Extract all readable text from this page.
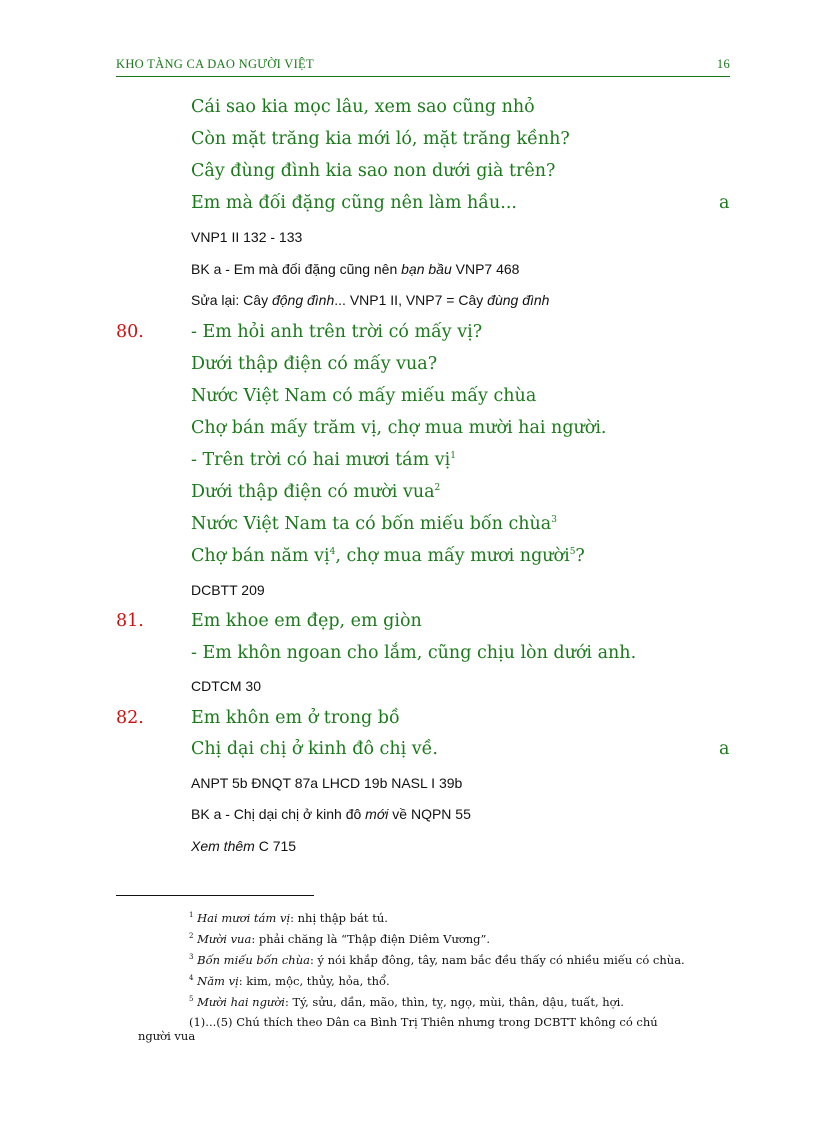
KHO TÀNG CA DAO NGƯỜI VIỆT	16
Cái sao kia mọc lâu, xem sao cũng nhỏ
Còn mặt trăng kia mới ló, mặt trăng kềnh?
Cây đùng đình kia sao non dưới già trên?
Em mà đối đặng cũng nên làm hầu...	a
VNP1 II 132 - 133
BK a - Em mà đối đặng cũng nên bạn bầu VNP7 468
Sửa lại: Cây động đình... VNP1 II, VNP7 = Cây đùng đình
80.	- Em hỏi anh trên trời có mấy vị?
Dưới thập điện có mấy vua?
Nước Việt Nam có mấy miếu mấy chùa
Chợ bán mấy trăm vị, chợ mua mười hai người.
- Trên trời có hai mươi tám vị$^1$
Dưới thập điện có mười vua$^2$
Nước Việt Nam ta có bốn miếu bốn chùa$^3$
Chợ bán năm vị$^4$, chợ mua mấy mươi người$^5$?
DCBTT 209
81.	Em khoe em đẹp, em giòn
- Em khôn ngoan cho lắm, cũng chịu lòn dưới anh.
CDTCM 30
82.	Em khôn em ở trong bồ
Chị dại chị ở kinh đô chị về.	a
ANPT 5b ĐNQT 87a LHCD 19b NASL I 39b
BK a - Chị dại chị ở kinh đô mới về NQPN 55
Xem thêm C 715
$^1$ Hai mươi tám vị: nhị thập bát tú.
$^2$ Mười vua: phải chăng là “Thập điện Diêm Vương”.
$^3$ Bốn miếu bốn chùa: ý nói khắp đông, tây, nam bắc đều thấy có nhiều miếu có chùa.
$^4$ Năm vị: kim, mộc, thủy, hỏa, thổ.
$^5$ Mười hai người: Tý, sửu, dần, mão, thìn, tỵ, ngọ, mùi, thân, dậu, tuất, hợi.
(1)...(5) Chú thích theo Dân ca Bình Trị Thiên nhưng trong DCBTT không có chú
người vua
